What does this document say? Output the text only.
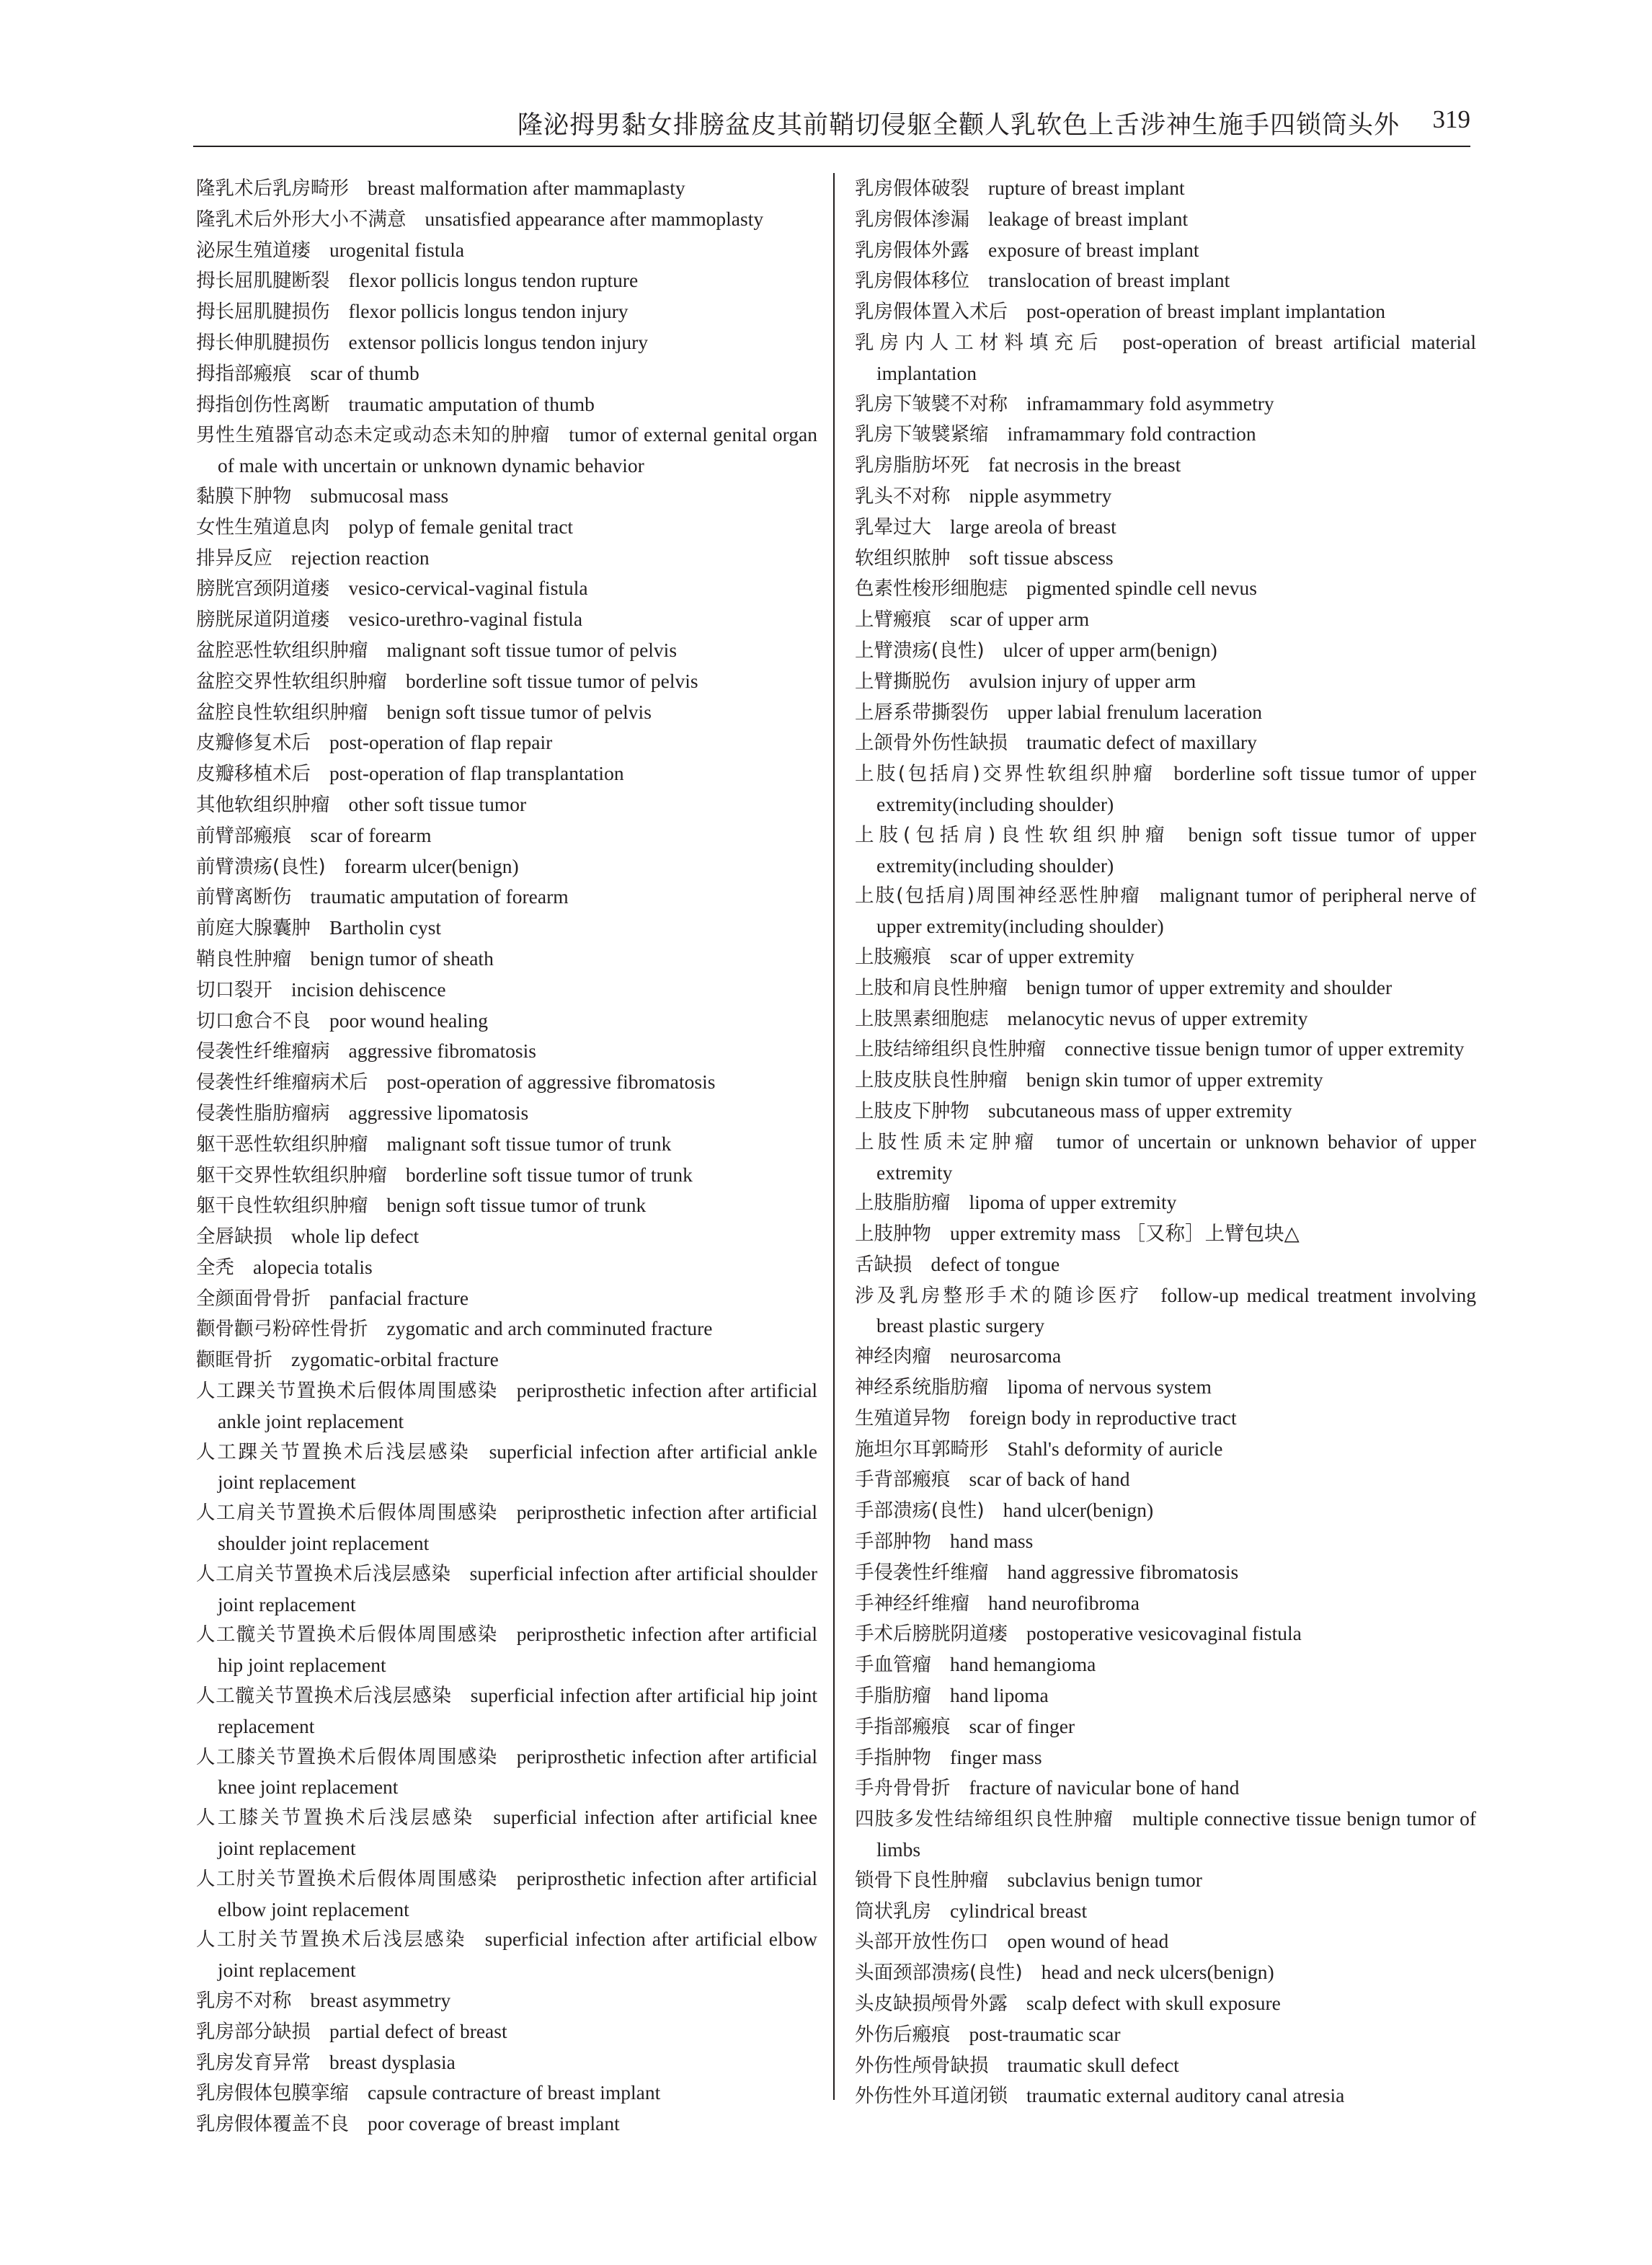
隆泌拇男黏女排膀盆皮其前鞘切侵躯全颧人乳软色上舌涉神生施手四锁筒头外 319
隆乳术后乳房畸形 breast malformation after mammaplasty
隆乳术后外形大小不满意 unsatisfied appearance after mammoplasty
泌尿生殖道瘘 urogenital fistula
拇长屈肌腱断裂 flexor pollicis longus tendon rupture
拇长屈肌腱损伤 flexor pollicis longus tendon injury
拇长伸肌腱损伤 extensor pollicis longus tendon injury
拇指部瘢痕 scar of thumb
拇指创伤性离断 traumatic amputation of thumb
男性生殖器官动态未定或动态未知的肿瘤 tumor of external genital organ of male with uncertain or unknown dynamic behavior
黏膜下肿物 submucosal mass
女性生殖道息肉 polyp of female genital tract
排异反应 rejection reaction
膀胱宫颈阴道瘘 vesico-cervical-vaginal fistula
膀胱尿道阴道瘘 vesico-urethro-vaginal fistula
盆腔恶性软组织肿瘤 malignant soft tissue tumor of pelvis
盆腔交界性软组织肿瘤 borderline soft tissue tumor of pelvis
盆腔良性软组织肿瘤 benign soft tissue tumor of pelvis
皮瓣修复术后 post-operation of flap repair
皮瓣移植术后 post-operation of flap transplantation
其他软组织肿瘤 other soft tissue tumor
前臂部瘢痕 scar of forearm
前臂溃疡(良性) forearm ulcer(benign)
前臂离断伤 traumatic amputation of forearm
前庭大腺囊肿 Bartholin cyst
鞘良性肿瘤 benign tumor of sheath
切口裂开 incision dehiscence
切口愈合不良 poor wound healing
侵袭性纤维瘤病 aggressive fibromatosis
侵袭性纤维瘤病术后 post-operation of aggressive fibromatosis
侵袭性脂肪瘤病 aggressive lipomatosis
躯干恶性软组织肿瘤 malignant soft tissue tumor of trunk
躯干交界性软组织肿瘤 borderline soft tissue tumor of trunk
躯干良性软组织肿瘤 benign soft tissue tumor of trunk
全唇缺损 whole lip defect
全秃 alopecia totalis
全颜面骨骨折 panfacial fracture
颧骨颧弓粉碎性骨折 zygomatic and arch comminuted fracture
颧眶骨折 zygomatic-orbital fracture
人工踝关节置换术后假体周围感染 periprosthetic infection after artificial ankle joint replacement
人工踝关节置换术后浅层感染 superficial infection after artificial ankle joint replacement
人工肩关节置换术后假体周围感染 periprosthetic infection after artificial shoulder joint replacement
人工肩关节置换术后浅层感染 superficial infection after artificial shoulder joint replacement
人工髋关节置换术后假体周围感染 periprosthetic infection after artificial hip joint replacement
人工髋关节置换术后浅层感染 superficial infection after artificial hip joint replacement
人工膝关节置换术后假体周围感染 periprosthetic infection after artificial knee joint replacement
人工膝关节置换术后浅层感染 superficial infection after artificial knee joint replacement
人工肘关节置换术后假体周围感染 periprosthetic infection after artificial elbow joint replacement
人工肘关节置换术后浅层感染 superficial infection after artificial elbow joint replacement
乳房不对称 breast asymmetry
乳房部分缺损 partial defect of breast
乳房发育异常 breast dysplasia
乳房假体包膜挛缩 capsule contracture of breast implant
乳房假体覆盖不良 poor coverage of breast implant
乳房假体破裂 rupture of breast implant
乳房假体渗漏 leakage of breast implant
乳房假体外露 exposure of breast implant
乳房假体移位 translocation of breast implant
乳房假体置入术后 post-operation of breast implant implantation
乳房内人工材料填充后 post-operation of breast artificial material implantation
乳房下皱襞不对称 inframammary fold asymmetry
乳房下皱襞紧缩 inframammary fold contraction
乳房脂肪坏死 fat necrosis in the breast
乳头不对称 nipple asymmetry
乳晕过大 large areola of breast
软组织脓肿 soft tissue abscess
色素性梭形细胞痣 pigmented spindle cell nevus
上臂瘢痕 scar of upper arm
上臂溃疡(良性) ulcer of upper arm(benign)
上臂撕脱伤 avulsion injury of upper arm
上唇系带撕裂伤 upper labial frenulum laceration
上颌骨外伤性缺损 traumatic defect of maxillary
上肢(包括肩)交界性软组织肿瘤 borderline soft tissue tumor of upper extremity(including shoulder)
上肢(包括肩)良性软组织肿瘤 benign soft tissue tumor of upper extremity(including shoulder)
上肢(包括肩)周围神经恶性肿瘤 malignant tumor of peripheral nerve of upper extremity(including shoulder)
上肢瘢痕 scar of upper extremity
上肢和肩良性肿瘤 benign tumor of upper extremity and shoulder
上肢黑素细胞痣 melanocytic nevus of upper extremity
上肢结缔组织良性肿瘤 connective tissue benign tumor of upper extremity
上肢皮肤良性肿瘤 benign skin tumor of upper extremity
上肢皮下肿物 subcutaneous mass of upper extremity
上肢性质未定肿瘤 tumor of uncertain or unknown behavior of upper extremity
上肢脂肪瘤 lipoma of upper extremity
上肢肿物 upper extremity mass ［又称］上臂包块△
舌缺损 defect of tongue
涉及乳房整形手术的随诊医疗 follow-up medical treatment involving breast plastic surgery
神经肉瘤 neurosarcoma
神经系统脂肪瘤 lipoma of nervous system
生殖道异物 foreign body in reproductive tract
施坦尔耳郭畸形 Stahl's deformity of auricle
手背部瘢痕 scar of back of hand
手部溃疡(良性) hand ulcer(benign)
手部肿物 hand mass
手侵袭性纤维瘤 hand aggressive fibromatosis
手神经纤维瘤 hand neurofibroma
手术后膀胱阴道瘘 postoperative vesicovaginal fistula
手血管瘤 hand hemangioma
手脂肪瘤 hand lipoma
手指部瘢痕 scar of finger
手指肿物 finger mass
手舟骨骨折 fracture of navicular bone of hand
四肢多发性结缔组织良性肿瘤 multiple connective tissue benign tumor of limbs
锁骨下良性肿瘤 subclavius benign tumor
筒状乳房 cylindrical breast
头部开放性伤口 open wound of head
头面颈部溃疡(良性) head and neck ulcers(benign)
头皮缺损颅骨外露 scalp defect with skull exposure
外伤后瘢痕 post-traumatic scar
外伤性颅骨缺损 traumatic skull defect
外伤性外耳道闭锁 traumatic external auditory canal atresia
